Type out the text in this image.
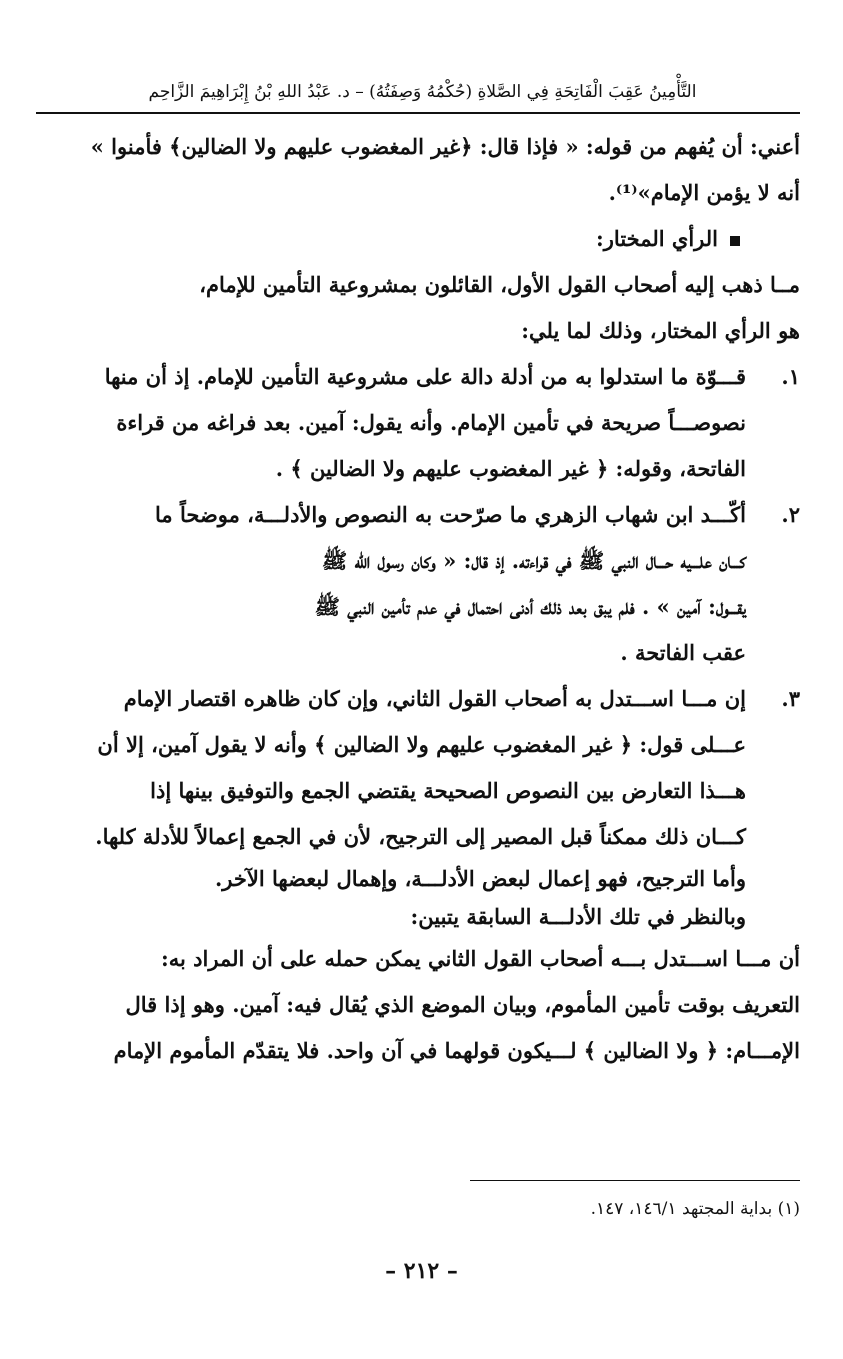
التَّأْمِينُ عَقِبَ الْفَاتِحَةِ فِي الصَّلاةِ (حُكْمُهُ وَصِفَتُهُ) – د. عَبْدُ اللهِ بْنُ إِبْرَاهِيمَ الزَّاحِم
أعني: أن يُفهم من قوله: « فإذا قال: ﴿غير المغضوب عليهم ولا الضالين﴾ فأمنوا »
أنه لا يؤمن الإمام»⁽¹⁾.
الرأي المختار:
مــا ذهب إليه أصحاب القول الأول، القائلون بمشروعية التأمين للإمام،
هو الرأي المختار، وذلك لما يلي:
١.قـــوّة ما استدلوا به من أدلة دالة على مشروعية التأمين للإمام. إذ أن منها
نصوصـــاً صريحة في تأمين الإمام. وأنه يقول: آمين. بعد فراغه من قراءة
الفاتحة، وقوله: ﴿ غير المغضوب عليهم ولا الضالين ﴾ .
٢.أكّـــد ابن شهاب الزهري ما صرّحت به النصوص والأدلـــة، موضحاً ما
كـــان علـــيه حـــال النبي ﷺ في قراءته. إذ قال: « وكان رسول الله ﷺ
يقـــول: آمين » . فلم يبق بعد ذلك أدنى احتمال في عدم تأمين النبي ﷺ
عقب الفاتحة .
٣.إن مـــا اســـتدل به أصحاب القول الثاني، وإن كان ظاهره اقتصار الإمام
عـــلى قول: ﴿ غير المغضوب عليهم ولا الضالين ﴾ وأنه لا يقول آمين، إلا أن
هـــذا التعارض بين النصوص الصحيحة يقتضي الجمع والتوفيق بينها إذا
كـــان ذلك ممكناً قبل المصير إلى الترجيح، لأن في الجمع إعمالاً للأدلة كلها.
وأما الترجيح، فهو إعمال لبعض الأدلـــة، وإهمال لبعضها الآخر.
وبالنظر في تلك الأدلـــة السابقة يتبين:
أن مـــا اســـتدل بـــه أصحاب القول الثاني يمكن حمله على أن المراد به:
التعريف بوقت تأمين المأموم، وبيان الموضع الذي يُقال فيه: آمين. وهو إذا قال
الإمـــام: ﴿ ولا الضالين ﴾ لـــيكون قولهما في آن واحد. فلا يتقدّم المأموم الإمام
(١) بداية المجتهد ١٤٦/١، ١٤٧.
– ٢١٢ –
